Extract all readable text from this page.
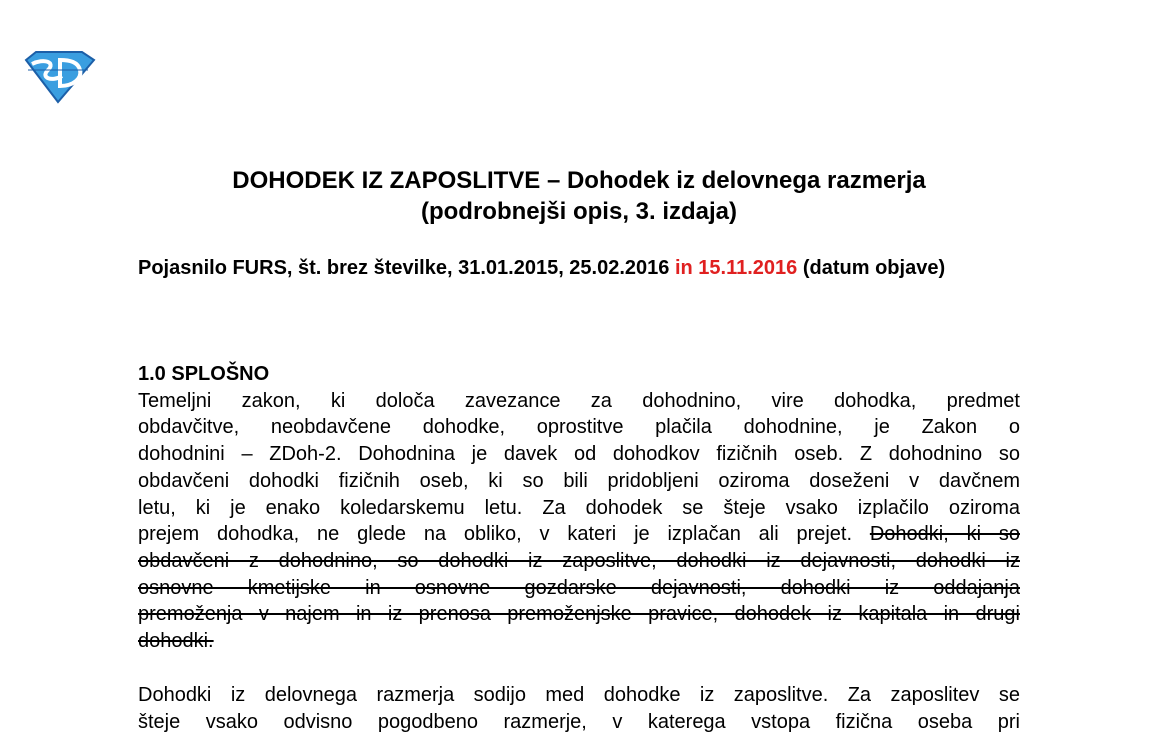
DOHODEK IZ ZAPOSLITVE – Dohodek iz delovnega razmerja
(podrobnejši opis, 3. izdaja)
Pojasnilo FURS, št. brez številke, 31.01.2015, 25.02.2016 in 15.11.2016 (datum objave)
1.0 SPLOŠNO
Temeljni zakon, ki določa zavezance za dohodnino, vire dohodka, predmet
obdavčitve, neobdavčene dohodke, oprostitve plačila dohodnine, je Zakon o
dohodnini – ZDoh-2. Dohodnina je davek od dohodkov fizičnih oseb. Z dohodnino so
obdavčeni dohodki fizičnih oseb, ki so bili pridobljeni oziroma doseženi v davčnem
letu, ki je enako koledarskemu letu. Za dohodek se šteje vsako izplačilo oziroma
prejem dohodka, ne glede na obliko, v kateri je izplačan ali prejet. Dohodki, ki so
obdavčeni z dohodnino, so dohodki iz zaposlitve, dohodki iz dejavnosti, dohodki iz
osnovne kmetijske in osnovne gozdarske dejavnosti, dohodki iz oddajanja
premoženja v najem in iz prenosa premoženjske pravice, dohodek iz kapitala in drugi
dohodki.
Dohodki iz delovnega razmerja sodijo med dohodke iz zaposlitve. Za zaposlitev se
šteje vsako odvisno pogodbeno razmerje, v katerega vstopa fizična oseba pri
